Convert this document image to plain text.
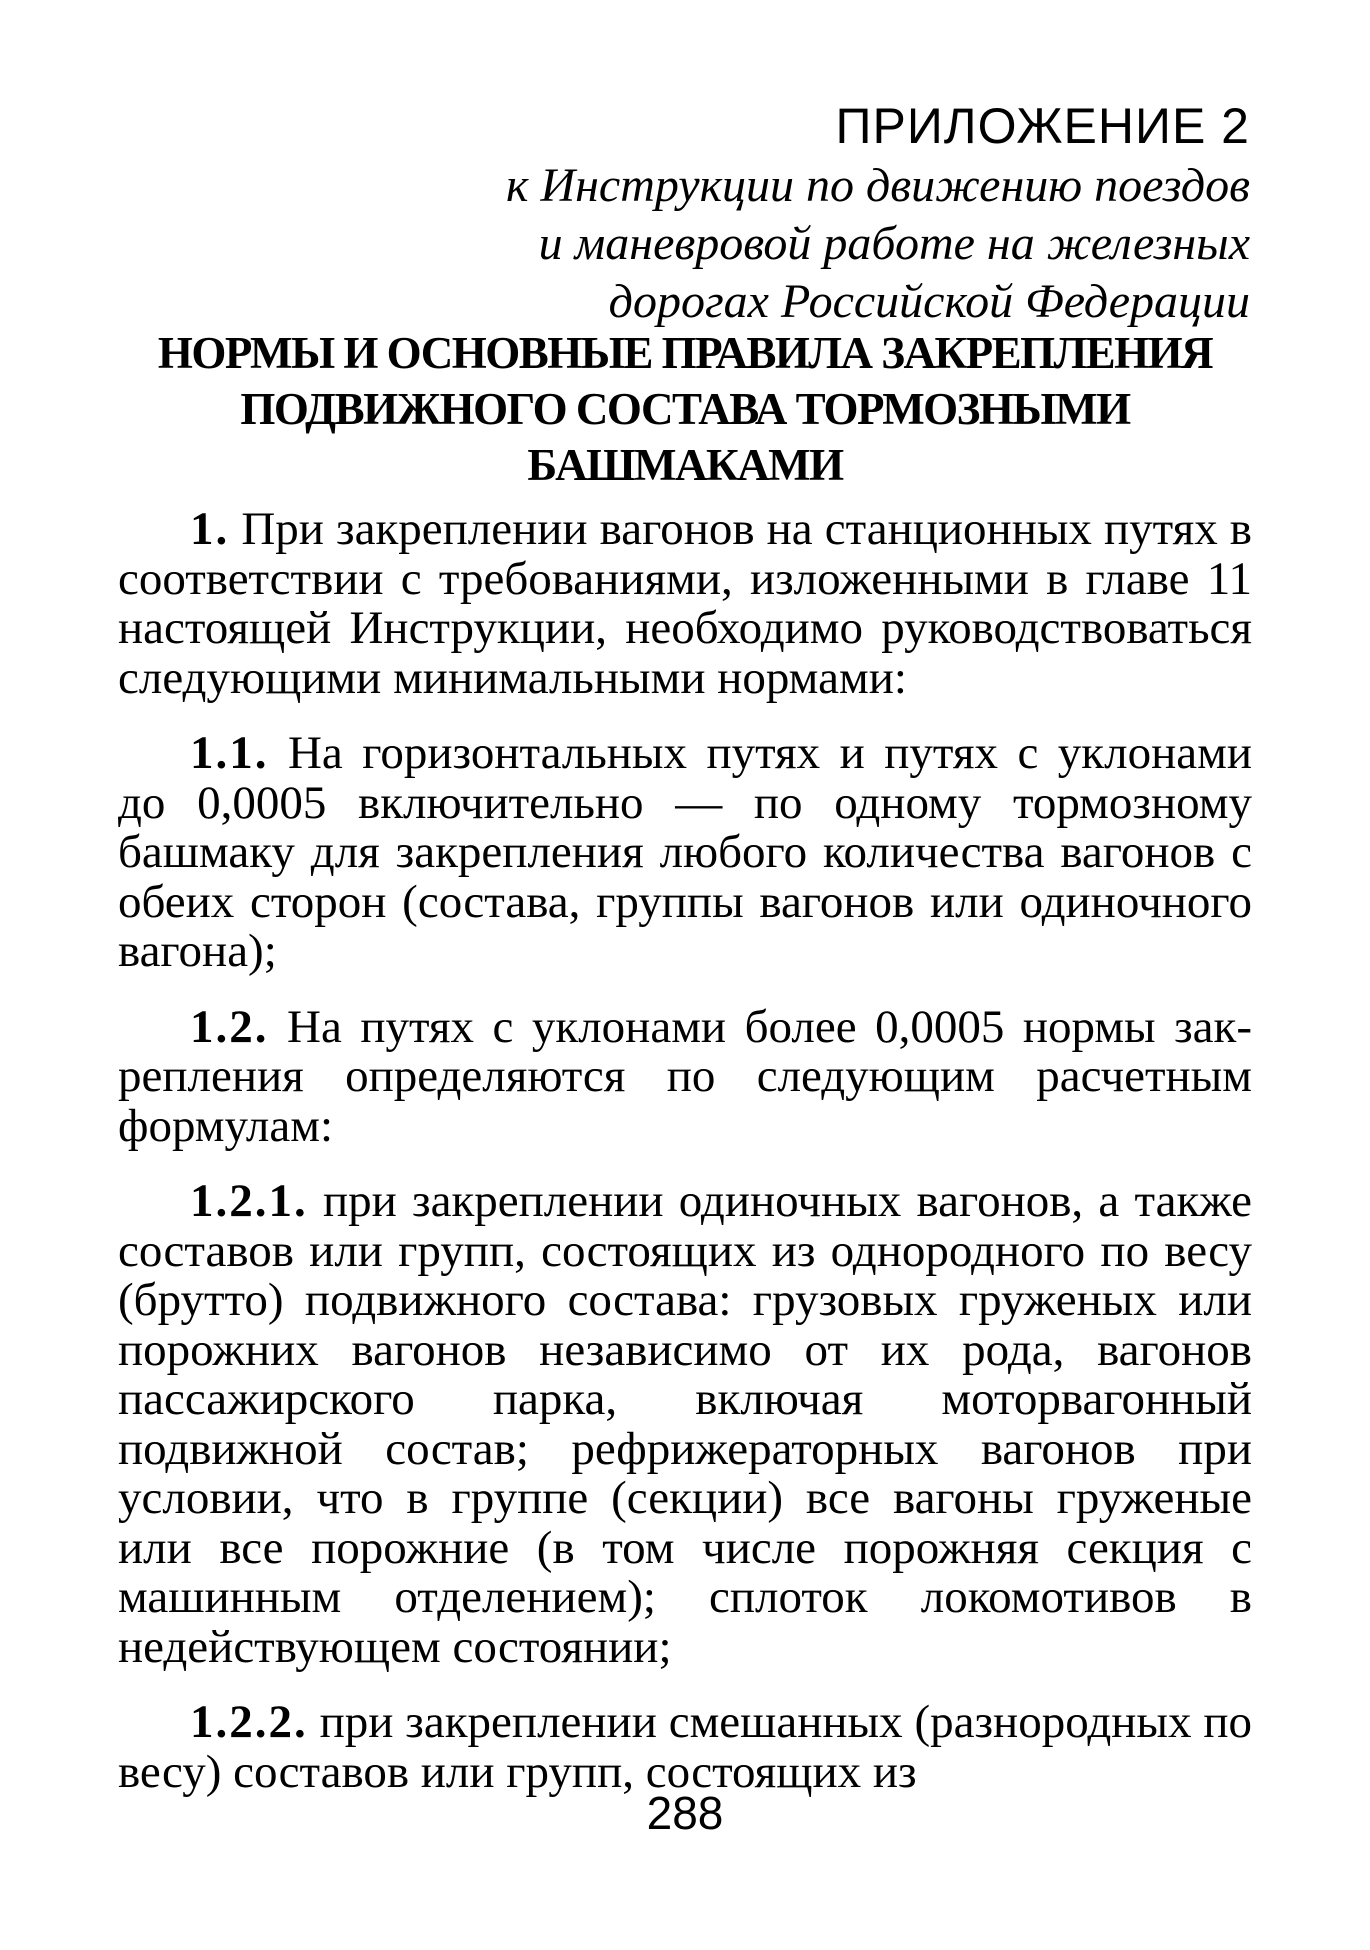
ПРИЛОЖЕНИЕ 2
к Инструкции по движению поездов
и маневровой работе на железных
дорогах Российской Федерации
НОРМЫ И ОСНОВНЫЕ ПРАВИЛА ЗАКРЕПЛЕНИЯ
ПОДВИЖНОГО СОСТАВА ТОРМОЗНЫМИ
БАШМАКАМИ

1. При закреплении вагонов на станционных путях в соответствии с требованиями, изложенными в главе 11 настоящей Инструкции, необходимо руководствоваться следующими минимальными нормами:

1.1. На горизонтальных путях и путях с уклонами до 0,0005 включительно — по одному тормозному башмаку для закрепления любого количества вагонов с обеих сторон (состава, группы вагонов или одиночного вагона);

1.2. На путях с уклонами более 0,0005 нормы закрепления определяются по следующим расчетным формулам:

1.2.1. при закреплении одиночных вагонов, а также составов или групп, состоящих из однородного по весу (брутто) подвижного состава: грузовых груженых или порожних вагонов независимо от их рода, вагонов пассажирского парка, включая моторвагонный подвижной состав; рефрижераторных вагонов при условии, что в группе (секции) все вагоны груженые или все порожние (в том числе порожняя секция с машинным отделением); сплоток локомотивов в недействующем состоянии;

1.2.2. при закреплении смешанных (разнородных по весу) составов или групп, состоящих из

288
